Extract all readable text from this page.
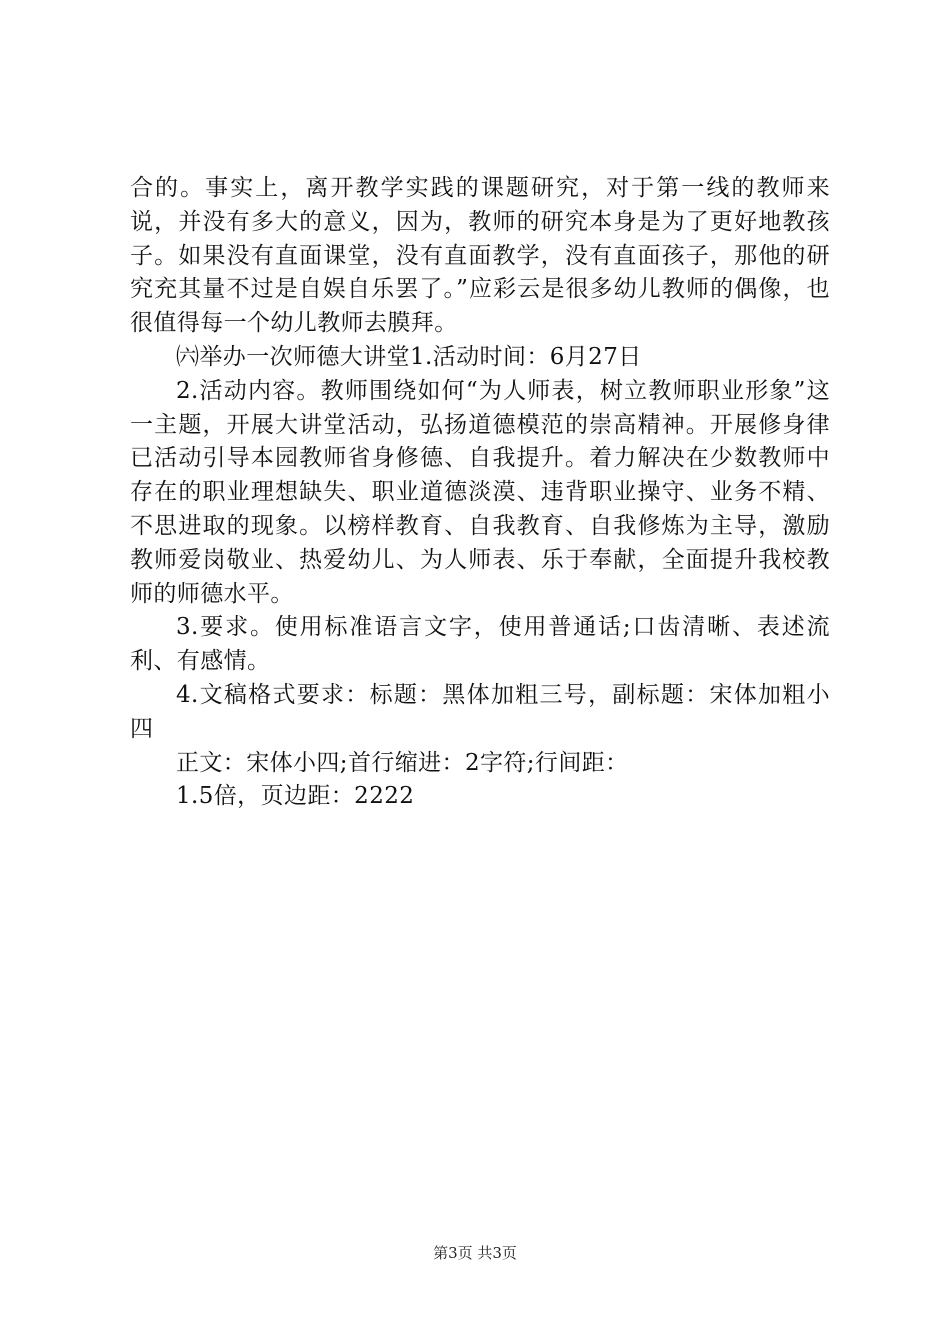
合的。事实上，离开教学实践的课题研究，对于第一线的教师来说，并没有多大的意义，因为，教师的研究本身是为了更好地教孩子。如果没有直面课堂，没有直面教学，没有直面孩子，那他的研究充其量不过是自娱自乐罢了。”应彩云是很多幼儿教师的偶像，也很值得每一个幼儿教师去膜拜。

㈥举办一次师德大讲堂1.活动时间：6月27日

2.活动内容。教师围绕如何“为人师表，树立教师职业形象”这一主题，开展大讲堂活动，弘扬道德模范的崇高精神。开展修身律已活动引导本园教师省身修德、自我提升。着力解决在少数教师中存在的职业理想缺失、职业道德淡漠、违背职业操守、业务不精、不思进取的现象。以榜样教育、自我教育、自我修炼为主导，激励教师爱岗敬业、热爱幼儿、为人师表、乐于奉献，全面提升我校教师的师德水平。

3.要求。使用标准语言文字，使用普通话;口齿清晰、表述流利、有感情。

4.文稿格式要求：标题：黑体加粗三号，副标题：宋体加粗小四

正文：宋体小四;首行缩进：2字符;行间距：

1.5倍，页边距：2222

第3页 共3页
